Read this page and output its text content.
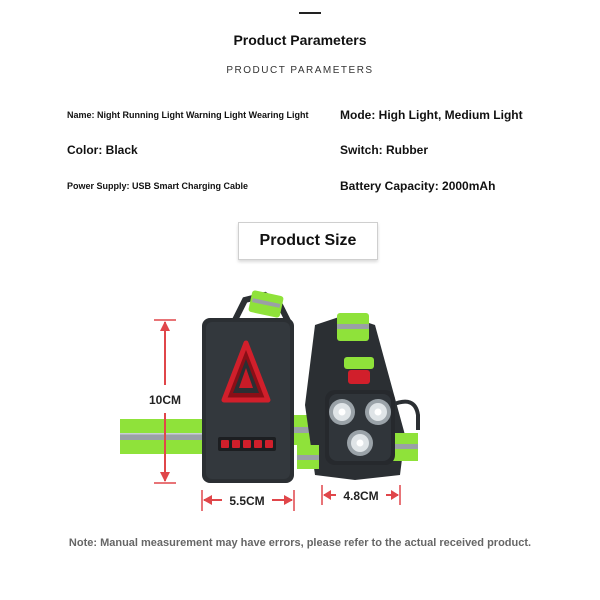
Product Parameters
PRODUCT PARAMETERS
Name: Night Running Light Warning Light Wearing Light	Mode: High Light, Medium Light
Color: Black	Switch: Rubber
Power Supply: USB Smart Charging Cable	Battery Capacity: 2000mAh
Product Size
10CM
5.5CM	4.8CM
Note: Manual measurement may have errors, please refer to the actual received product.
